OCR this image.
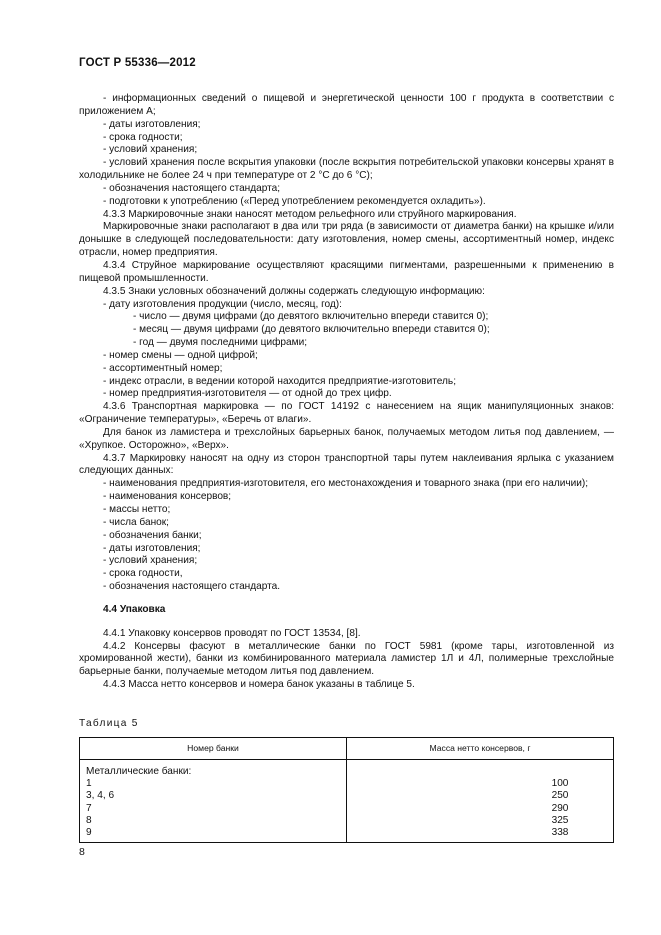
ГОСТ Р 55336—2012

- информационных сведений о пищевой и энергетической ценности 100 г продукта в соответствии с приложением А;

- даты изготовления;

- срока годности;

- условий хранения;

- условий хранения после вскрытия упаковки (после вскрытия потребительской упаковки консервы хранят в холодильнике не более 24 ч при температуре от 2 °С до 6 °С);

- обозначения настоящего стандарта;

- подготовки к употреблению («Перед употреблением рекомендуется охладить»).

4.3.3 Маркировочные знаки наносят методом рельефного или струйного маркирования.

Маркировочные знаки располагают в два или три ряда (в зависимости от диаметра банки) на крышке и/или донышке в следующей последовательности: дату изготовления, номер смены, ассортиментный номер, индекс отрасли, номер предприятия.

4.3.4 Струйное маркирование осуществляют красящими пигментами, разрешенными к применению в пищевой промышленности.

4.3.5 Знаки условных обозначений должны содержать следующую информацию:

- дату изготовления продукции (число, месяц, год):

- число — двумя цифрами (до девятого включительно впереди ставится 0);

- месяц — двумя цифрами (до девятого включительно впереди ставится 0);

- год — двумя последними цифрами;

- номер смены — одной цифрой;

- ассортиментный номер;

- индекс отрасли, в ведении которой находится предприятие-изготовитель;

- номер предприятия-изготовителя — от одной до трех цифр.

4.3.6 Транспортная маркировка — по ГОСТ 14192 с нанесением на ящик манипуляционных знаков: «Ограничение температуры», «Беречь от влаги».

Для банок из ламистера и трехслойных барьерных банок, получаемых методом литья под давлением, — «Хрупкое. Осторожно», «Верх».

4.3.7 Маркировку наносят на одну из сторон транспортной тары путем наклеивания ярлыка с указанием следующих данных:

- наименования предприятия-изготовителя, его местонахождения и товарного знака (при его наличии);

- наименования консервов;

- массы нетто;

- числа банок;

- обозначения банки;

- даты изготовления;

- условий хранения;

- срока годности,

- обозначения настоящего стандарта.

4.4 Упаковка

4.4.1 Упаковку консервов проводят по ГОСТ 13534, [8].

4.4.2 Консервы фасуют в металлические банки по ГОСТ 5981 (кроме тары, изготовленной из хромированной жести), банки из комбинированного материала ламистер 1Л и 4Л, полимерные трехслойные барьерные банки, получаемые методом литья под давлением.

4.4.3 Масса нетто консервов и номера банок указаны в таблице 5.

Таблица 5
Номер банки	Масса нетто консервов, г
Металлические банки:	
1	100
3, 4, 6	250
7	290
8	325
9	338
8
